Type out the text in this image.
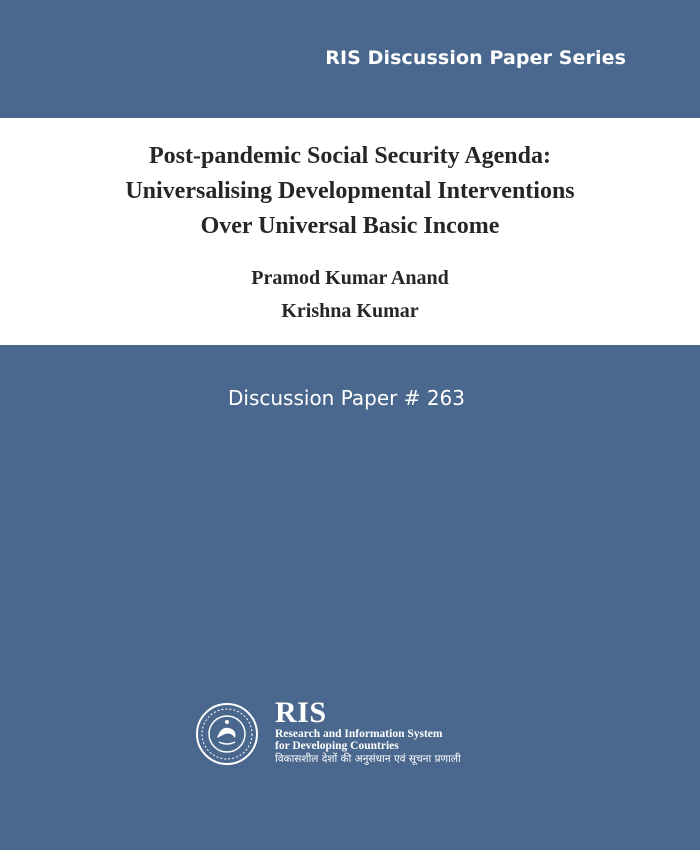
RIS Discussion Paper Series
Post-pandemic Social Security Agenda:
Universalising Developmental Interventions
Over Universal Basic Income
Pramod Kumar Anand
Krishna Kumar
Discussion Paper # 263
RIS
Research and Information System
for Developing Countries
विकासशील देशों की अनुसंधान एवं सूचना प्रणाली
